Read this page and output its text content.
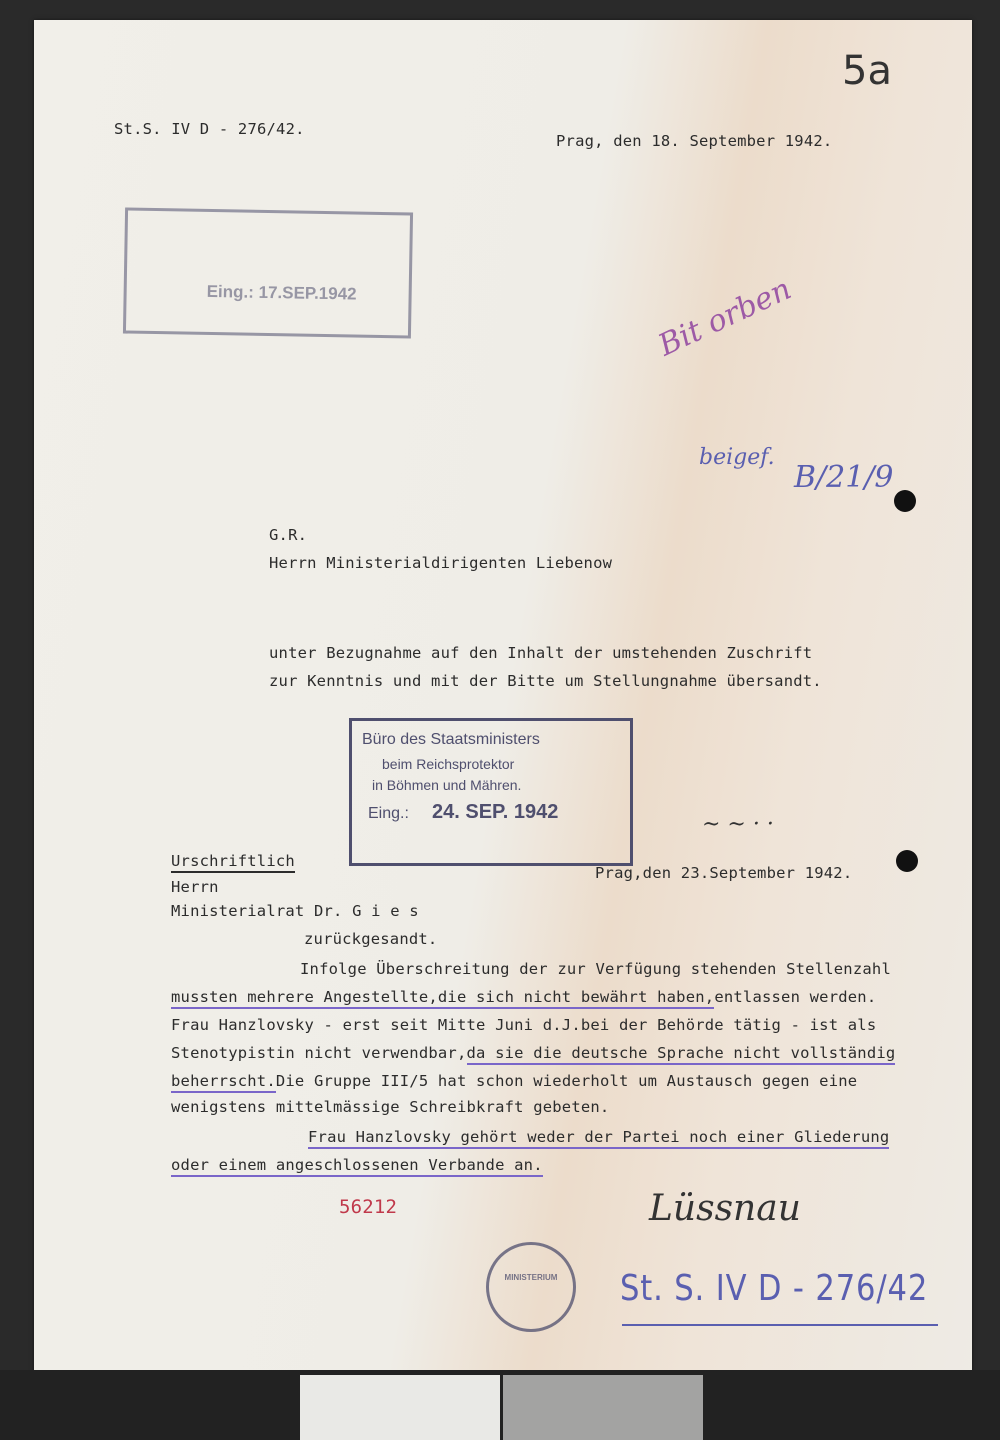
5a
St.S. IV D - 276/42.
Prag, den 18. September 1942.
Eing.: 17.SEP.1942	Bit orben
beigef.
B/21/9
G.R.
Herrn Ministerialdirigenten Liebenow
unter Bezugnahme auf den Inhalt der umstehenden Zuschrift
zur Kenntnis und mit der Bitte um Stellungnahme übersandt.
Büro des Staatsministers
beim Reichsprotektor
in Böhmen und Mähren.
Eing.: 24. SEP. 1942	~ ~ · ·
Urschriftlich
Prag,den 23.September 1942.
Herrn
Ministerialrat Dr. G i e s
zurückgesandt.
Infolge Überschreitung der zur Verfügung stehenden Stellenzahl
mussten mehrere Angestellte,die sich nicht bewährt haben,entlassen werden.
Frau Hanzlovsky - erst seit Mitte Juni d.J.bei der Behörde tätig - ist als
Stenotypistin nicht verwendbar,da sie die deutsche Sprache nicht vollständig
beherrscht.Die Gruppe III/5 hat schon wiederholt um Austausch gegen eine
wenigstens mittelmässige Schreibkraft gebeten.
Frau Hanzlovsky gehört weder der Partei noch einer Gliederung
oder einem angeschlossenen Verbande an.
56212	Lüssnau
MINISTERIUM	St. S. IV D - 276/42
